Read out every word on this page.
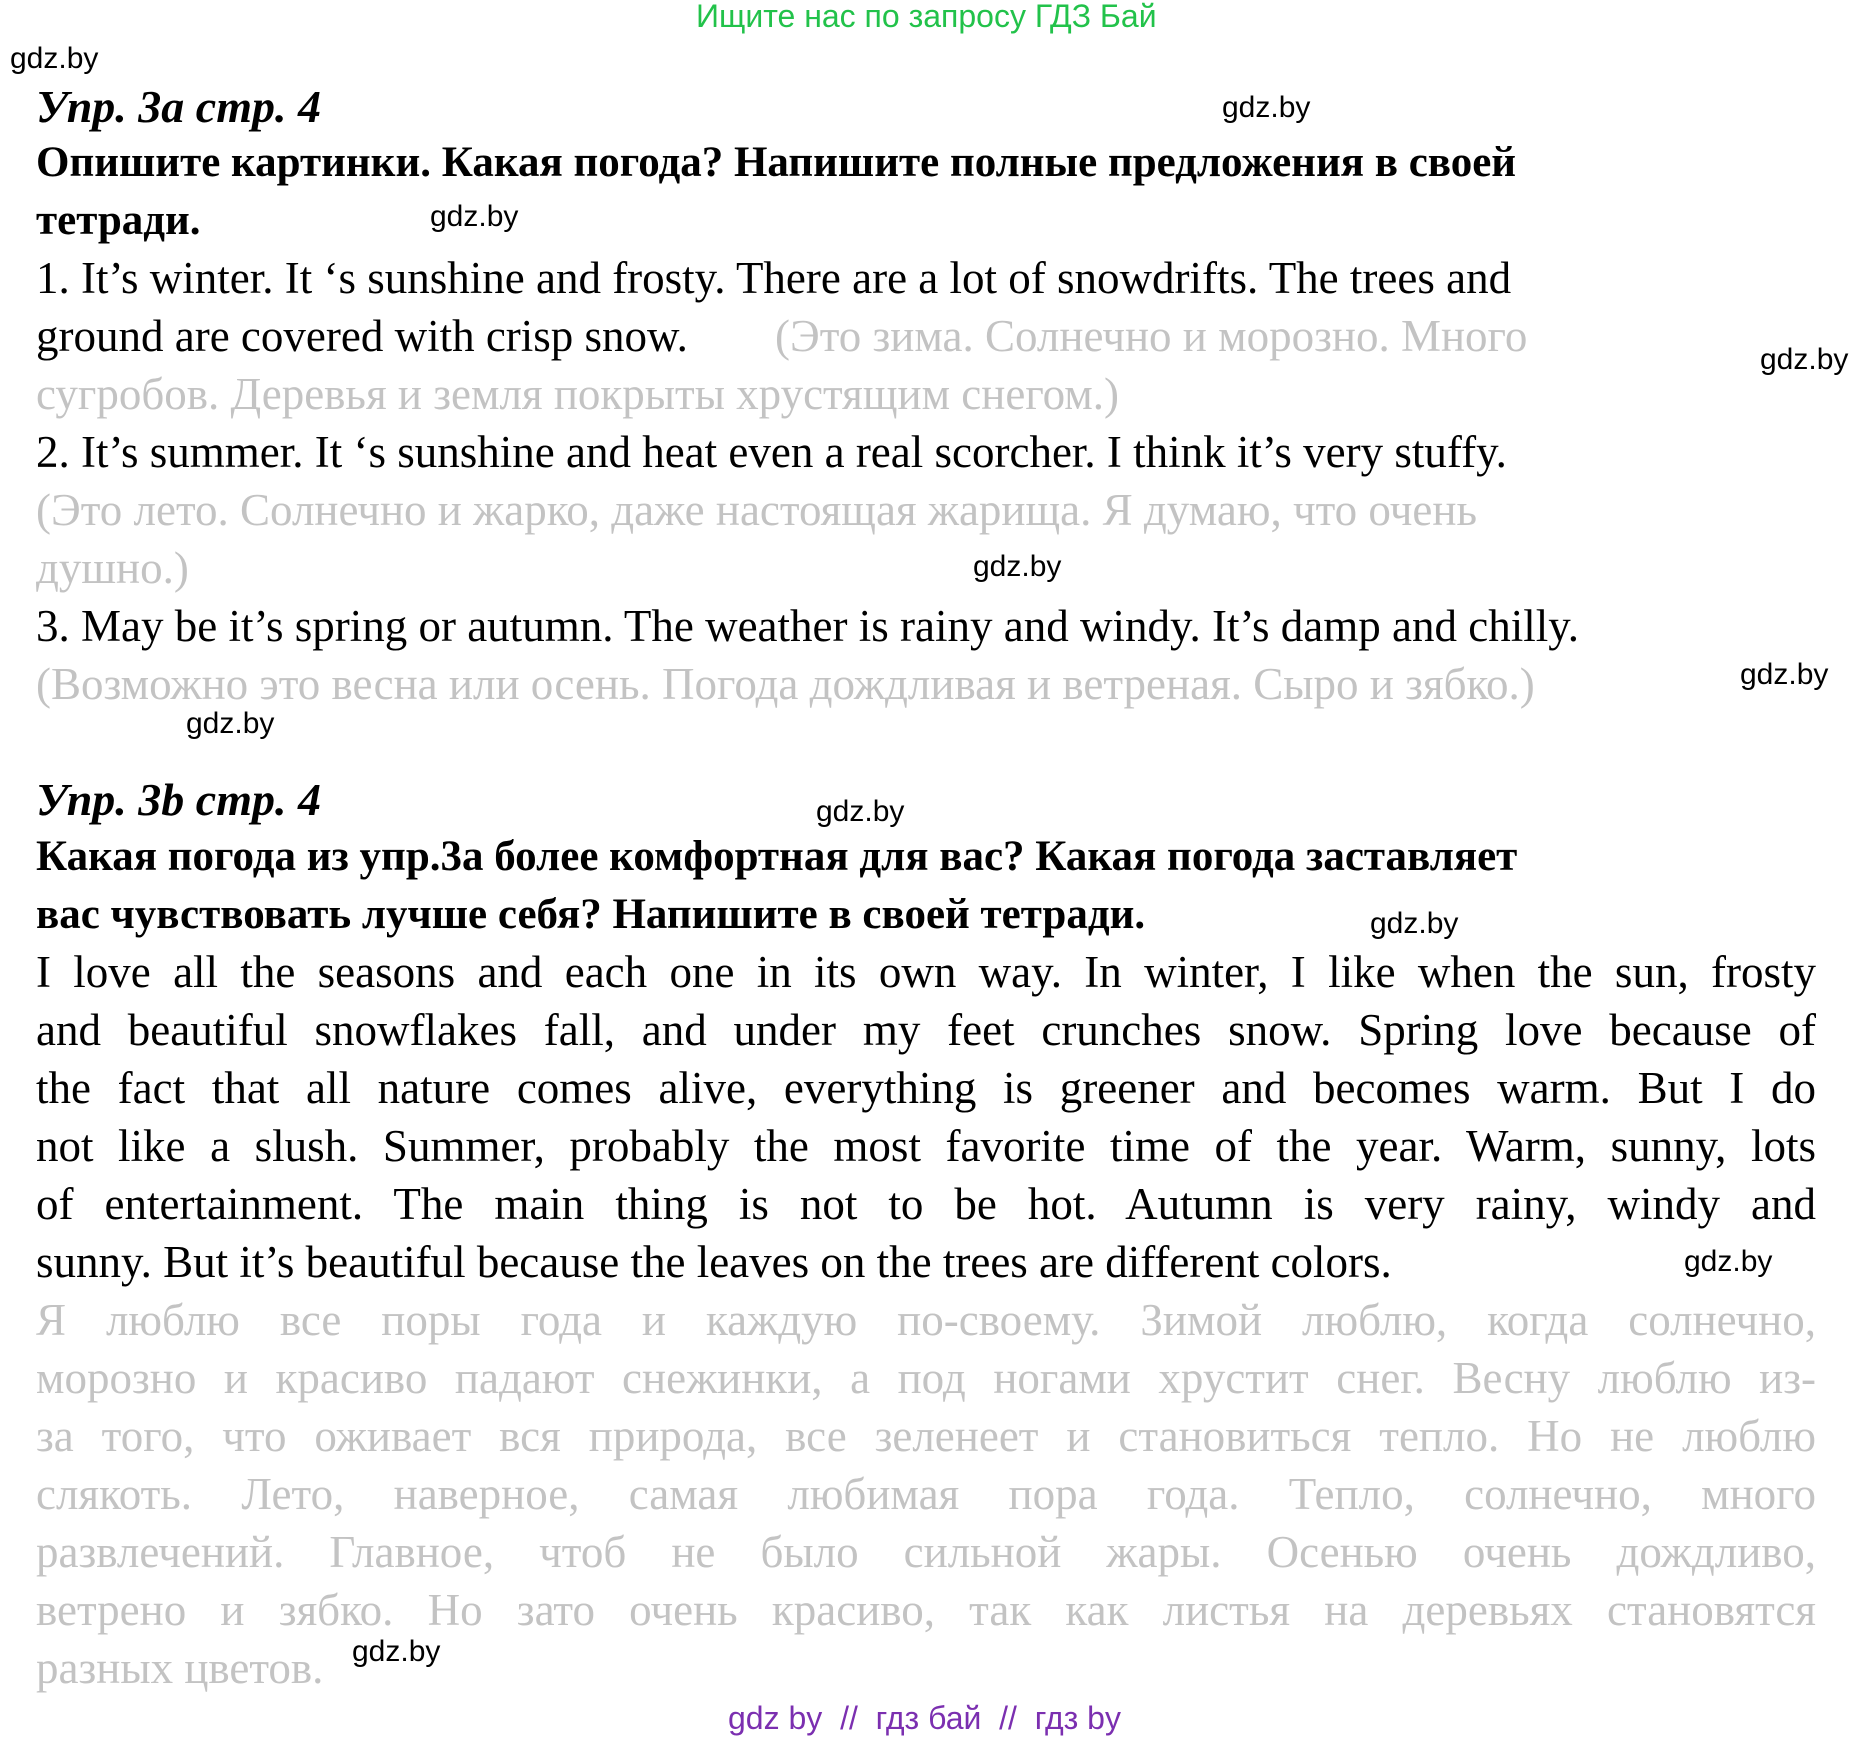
Ищите нас по запросу ГДЗ Бай
gdz.by
gdz.by
gdz.by
gdz.by
gdz.by
gdz.by
gdz.by
gdz.by
gdz.by
gdz.by
gdz.by
Упр. 3a стр. 4
Опишите картинки. Какая погода? Напишите полные предложения в своей
тетради.
1. It’s winter. It ‘s sunshine and frosty. There are a lot of snowdrifts. The trees and
ground are covered with crisp snow. (Это зима. Солнечно и морозно. Много
сугробов. Деревья и земля покрыты хрустящим снегом.)
2. It’s summer. It ‘s sunshine and heat even a real scorcher. I think it’s very stuffy.
(Это лето. Солнечно и жарко, даже настоящая жарища. Я думаю, что очень
душно.)
3. May be it’s spring or autumn. The weather is rainy and windy. It’s damp and chilly.
(Возможно это весна или осень. Погода дождливая и ветреная. Сыро и зябко.)
Упр. 3b стр. 4
Какая погода из упр.3а более комфортная для вас? Какая погода заставляет
вас чувствовать лучше себя? Напишите в своей тетради.
I love all the seasons and each one in its own way. In winter, I like when the sun, frosty
and beautiful snowflakes fall, and under my feet crunches snow. Spring love because of
the fact that all nature comes alive, everything is greener and becomes warm. But I do
not like a slush. Summer, probably the most favorite time of the year. Warm, sunny, lots
of entertainment. The main thing is not to be hot. Autumn is very rainy, windy and
sunny. But it’s beautiful because the leaves on the trees are different colors.
Я люблю все поры года и каждую по-своему. Зимой люблю, когда солнечно,
морозно и красиво падают снежинки, а под ногами хрустит снег. Весну люблю из-
за того, что оживает вся природа, все зеленеет и становиться тепло. Но не люблю
слякоть. Лето, наверное, самая любимая пора года. Тепло, солнечно, много
развлечений. Главное, чтоб не было сильной жары. Осенью очень дождливо,
ветрено и зябко. Но зато очень красиво, так как листья на деревьях становятся
разных цветов.
gdz by  //  гдз бай  //  гдз by
